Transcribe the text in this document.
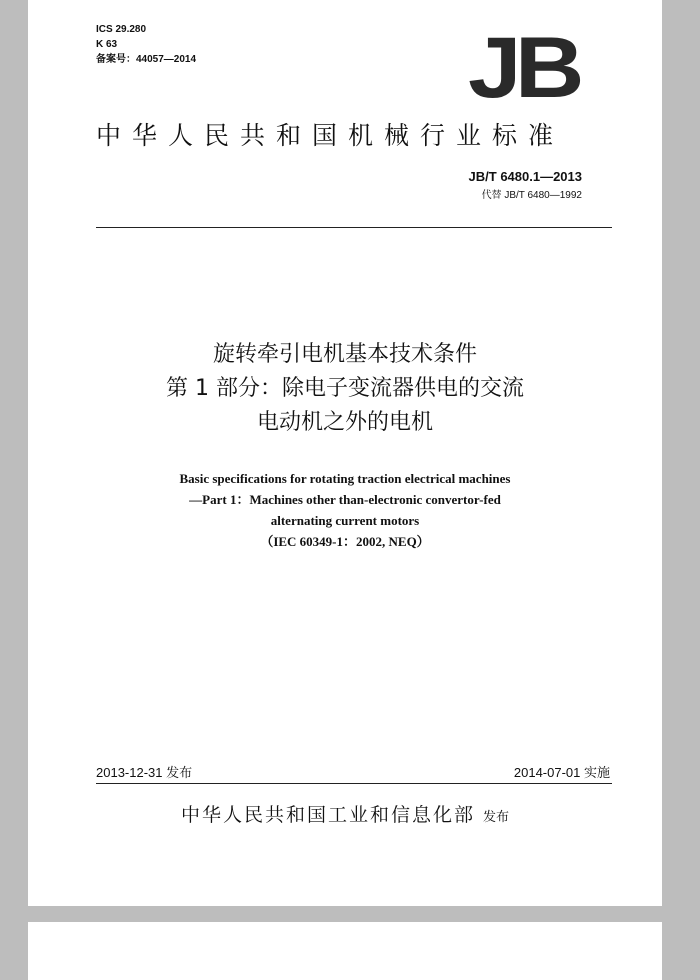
ICS 29.280
K 63
备案号：44057—2014	JB
中华人民共和国机械行业标准
JB/T 6480.1—2013
代替 JB/T 6480—1992
旋转牵引电机基本技术条件
第 1 部分：除电子变流器供电的交流
电动机之外的电机
Basic specifications for rotating traction electrical machines
—Part 1：Machines other than-electronic convertor-fed
alternating current motors
（IEC 60349-1：2002, NEQ）
2013-12-31 发布	2014-07-01 实施
中华人民共和国工业和信息化部 发布
